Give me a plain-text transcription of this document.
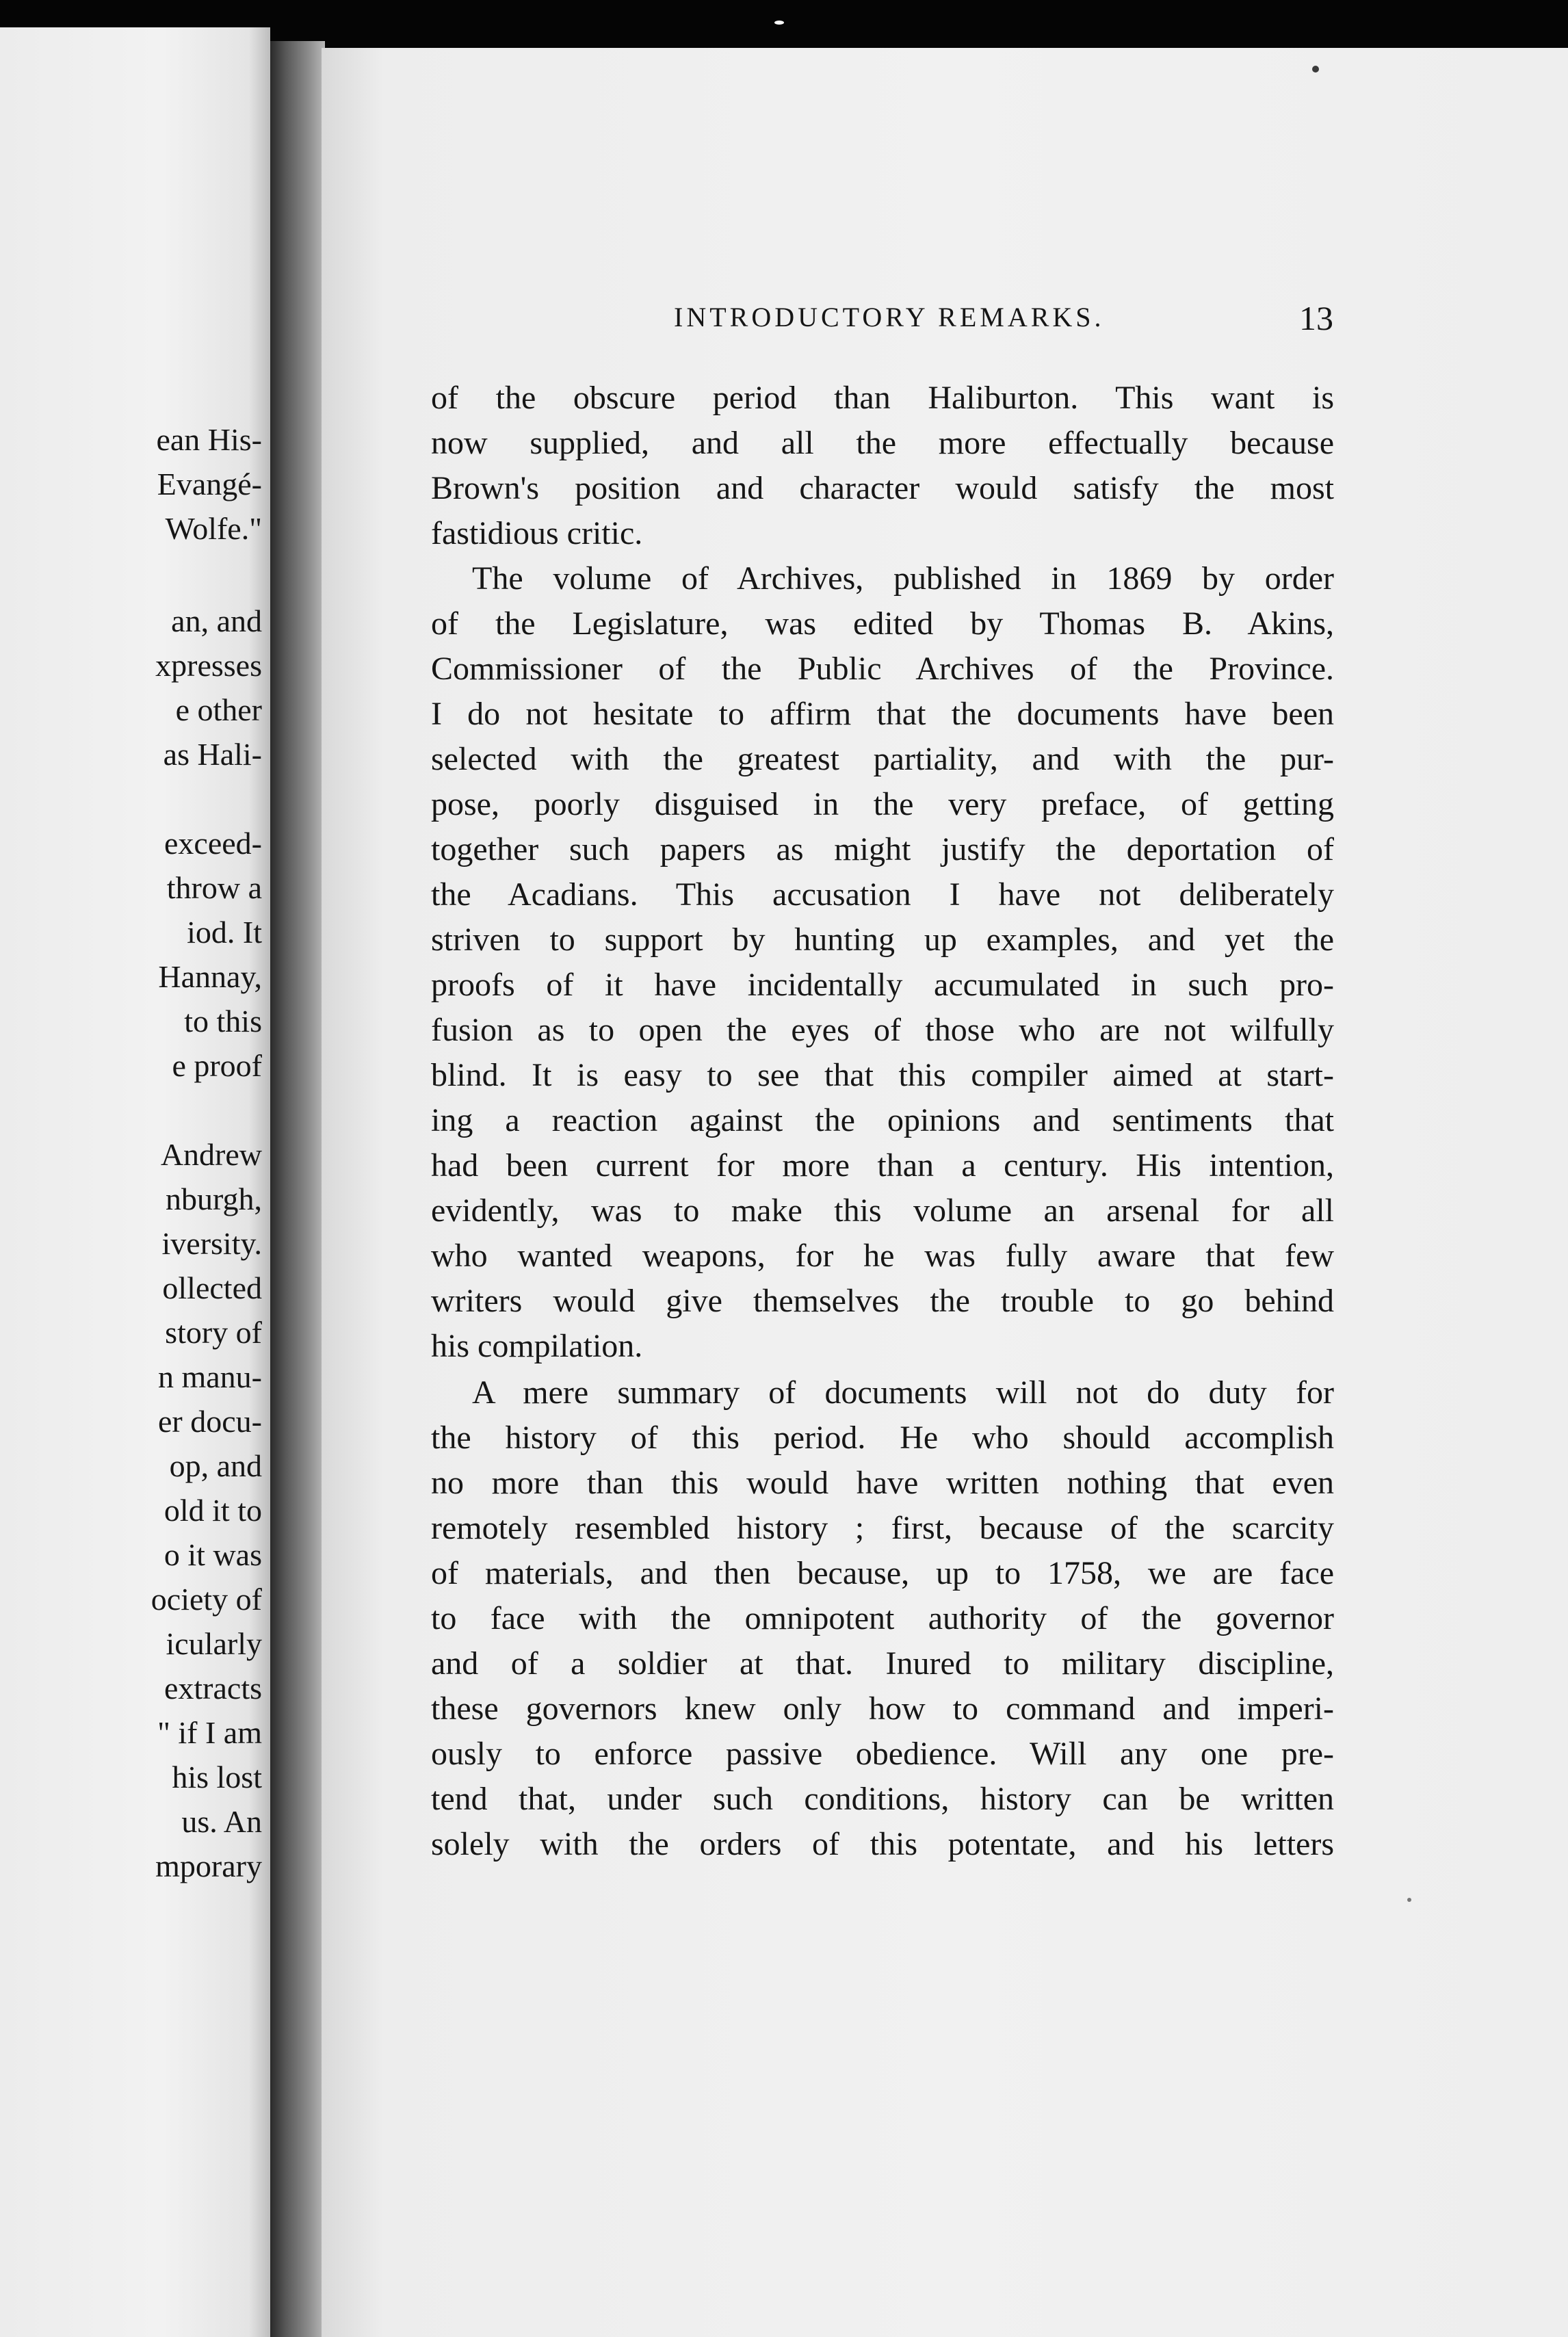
ean His-
Evangé-
Wolfe."
an, and
xpresses
e other
as Hali-
exceed-
throw a
iod. It
Hannay,
to this
e proof
Andrew
nburgh,
iversity.
ollected
story of
n manu-
er docu-
op, and
old it to
o it was
ociety of
icularly
extracts
" if I am
his lost
us. An
mporary
INTRODUCTORY REMARKS.	13
of the obscure period than Haliburton. This want is
now supplied, and all the more effectually because
Brown's position and character would satisfy the most
fastidious critic.
The volume of Archives, published in 1869 by order
of the Legislature, was edited by Thomas B. Akins,
Commissioner of the Public Archives of the Province.
I do not hesitate to affirm that the documents have been
selected with the greatest partiality, and with the pur-
pose, poorly disguised in the very preface, of getting
together such papers as might justify the deportation of
the Acadians. This accusation I have not deliberately
striven to support by hunting up examples, and yet the
proofs of it have incidentally accumulated in such pro-
fusion as to open the eyes of those who are not wilfully
blind. It is easy to see that this compiler aimed at start-
ing a reaction against the opinions and sentiments that
had been current for more than a century. His intention,
evidently, was to make this volume an arsenal for all
who wanted weapons, for he was fully aware that few
writers would give themselves the trouble to go behind
his compilation.
A mere summary of documents will not do duty for
the history of this period. He who should accomplish
no more than this would have written nothing that even
remotely resembled history ; first, because of the scarcity
of materials, and then because, up to 1758, we are face
to face with the omnipotent authority of the governor
and of a soldier at that. Inured to military discipline,
these governors knew only how to command and imperi-
ously to enforce passive obedience. Will any one pre-
tend that, under such conditions, history can be written
solely with the orders of this potentate, and his letters
